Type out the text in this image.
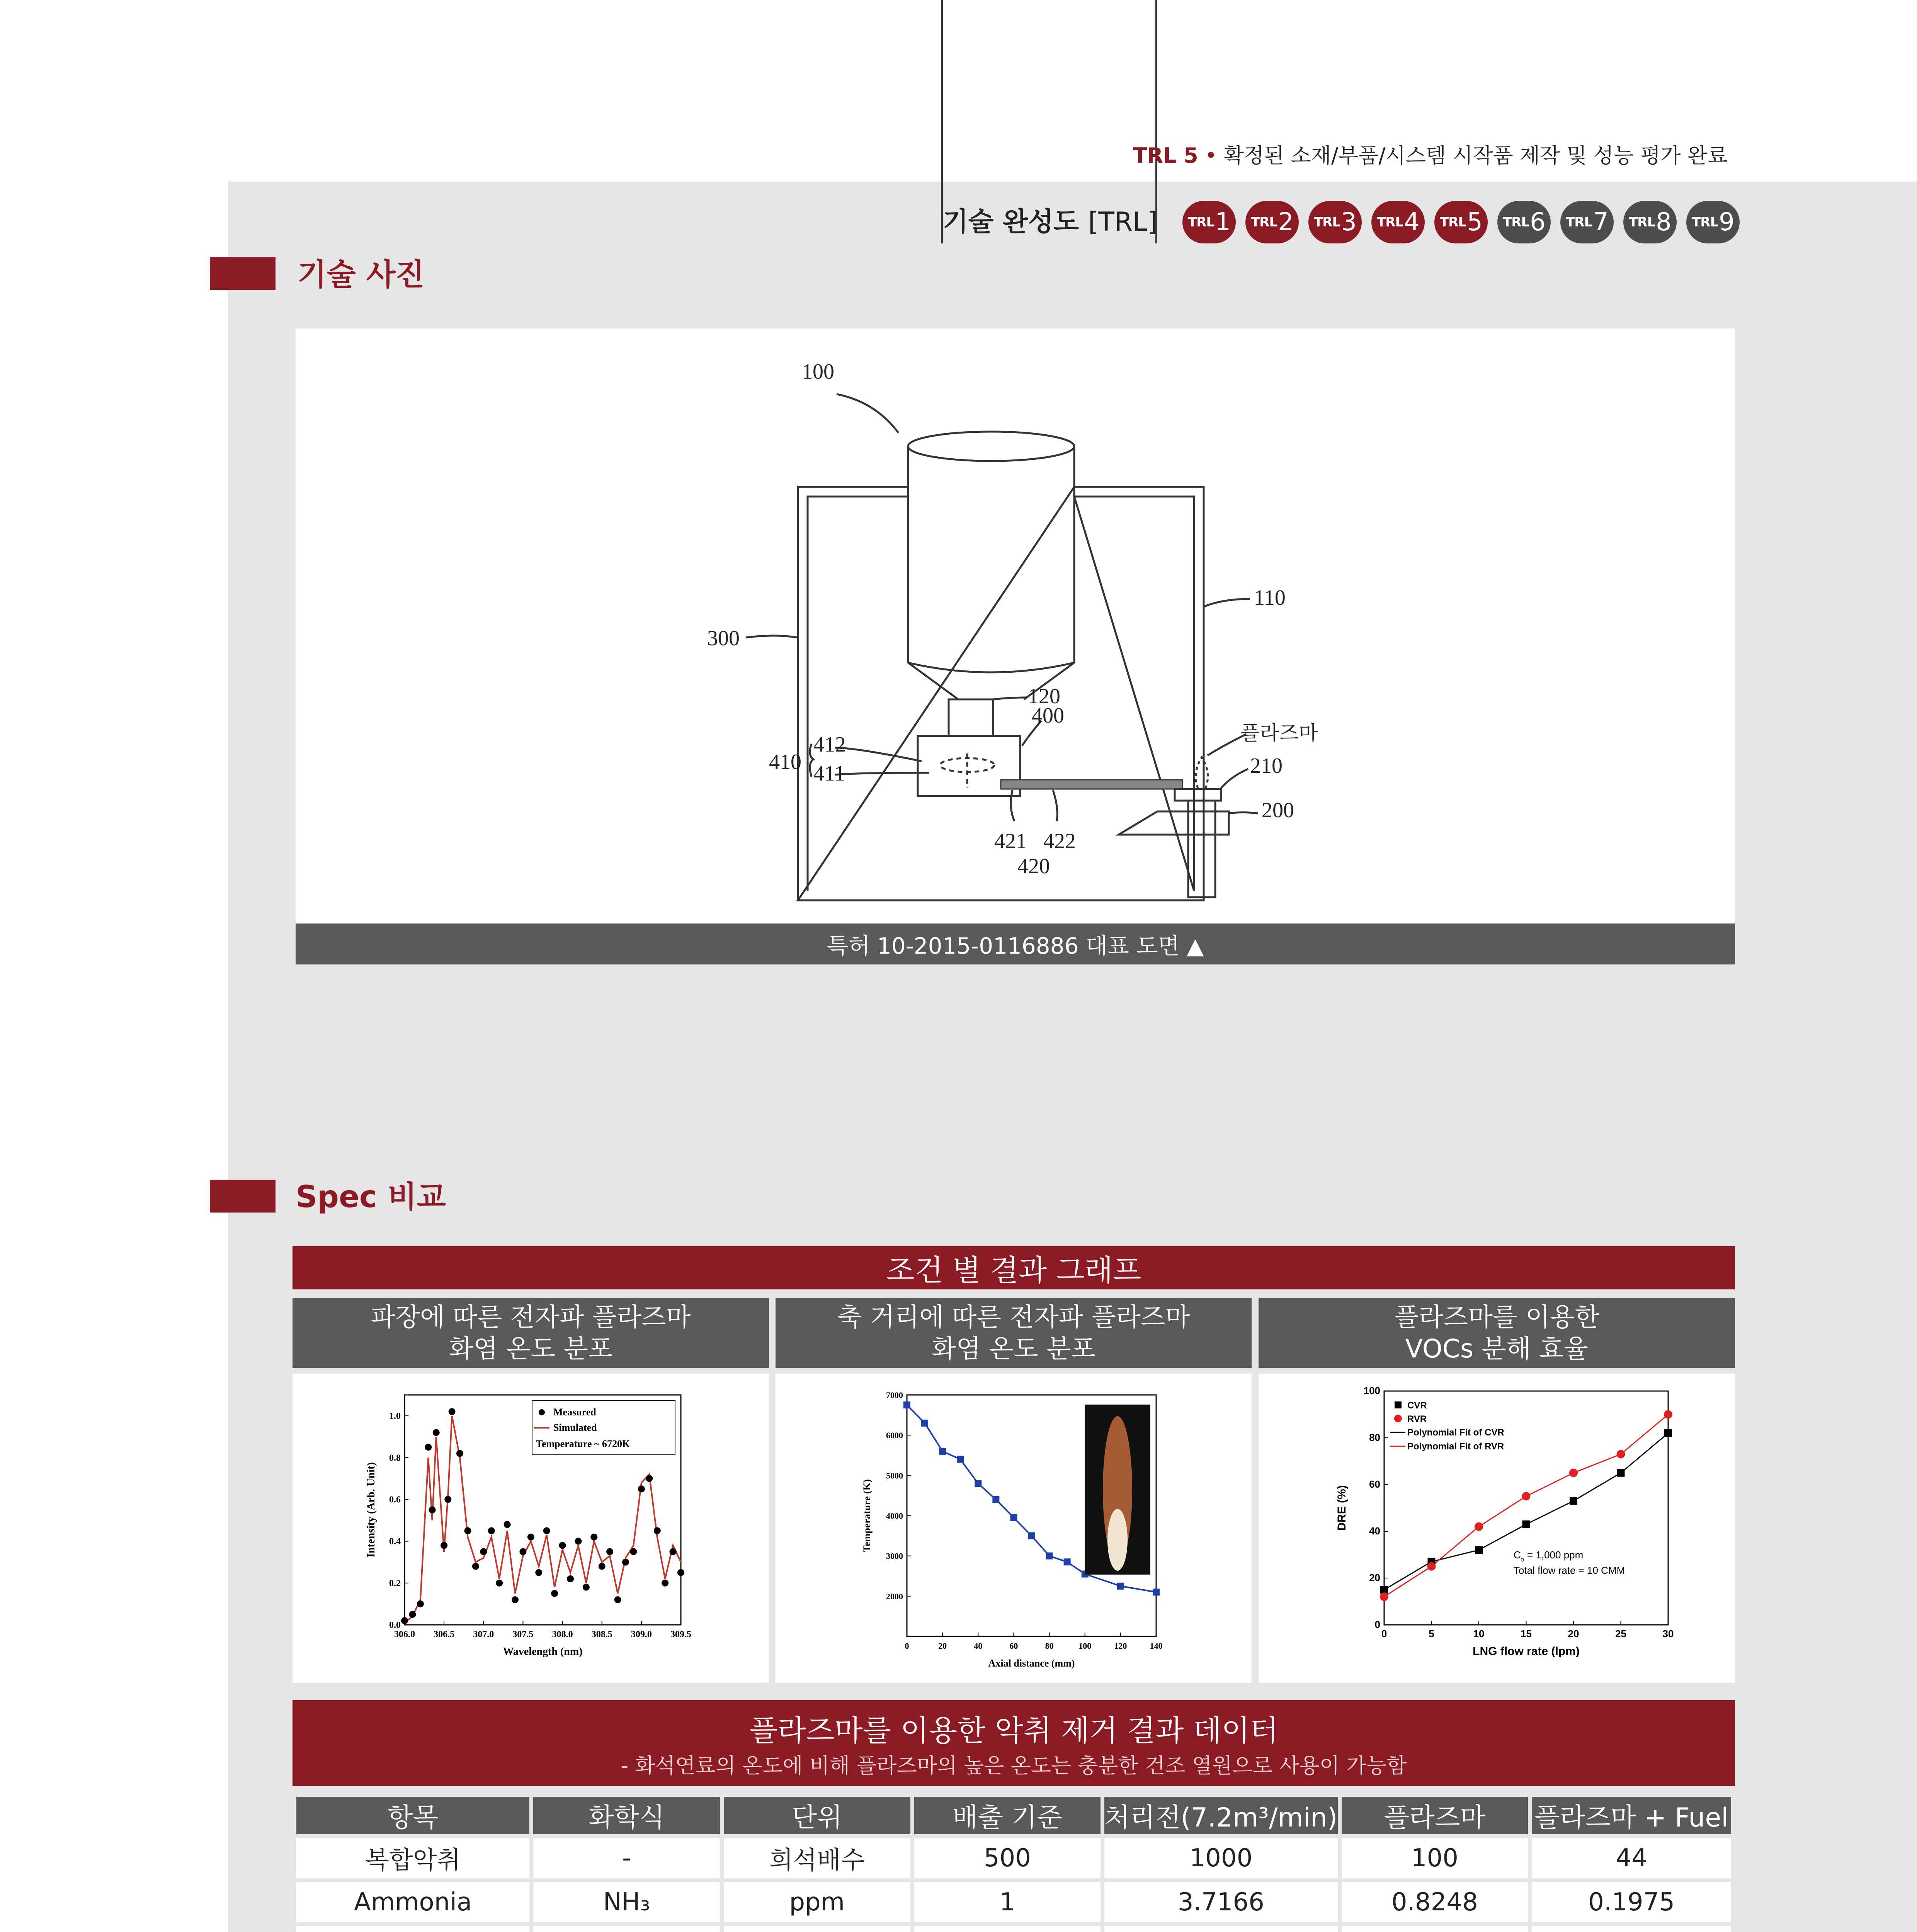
TRL 5 • 확정된 소재/부품/시스템 시작품 제작 및 성능 평가 완료
기술 완성도 [TRL] TRL 1 TRL 2 TRL 3 TRL 4 TRL 5 TRL 6 TRL 7 TRL 8 TRL 9
기술 사진
100
110
300
120
400
412
410 411
플라즈마
210
200
421 422
420
특허 10-2015-0116886 대표 도면 ▲
Spec 비교
조건 별 결과 그래프
파장에 따른 전자파 플라즈마
화염 온도 분포
축 거리에 따른 전자파 플라즈마
화염 온도 분포
플라즈마를 이용한
VOCs 분해 효율
306.0 306.5 307.0 307.5 308.0 308.5 309.0 309.5
0.0
0.2
0.4
0.6
0.8
1.0
Wavelength (nm)
Intensity (Arb. Unit)
Measured
Simulated
Temperature ~ 6720K
0	20	40	60	80	100	120	140
2000
3000
4000
5000
6000
7000
Axial distance (mm)
Temperature (K)
0	5	10	15	20	25	30
0
20
40
60
80
100
LNG flow rate (lpm)
DRE (%)
CVR
RVR
Polynomial Fit of CVR
Polynomial Fit of RVR
C o = 1,000 ppm
Total flow rate = 10 CMM
플라즈마를 이용한 악취 제거 결과 데이터
- 화석연료의 온도에 비해 플라즈마의 높은 온도는 충분한 건조 열원으로 사용이 가능함
항목	화학식	단위	배출 기준	처리전(7.2m³/min)	플라즈마	플라즈마 + Fuel
복합악취	-	희석배수	500	1000	100	44
Ammonia	NH₃	ppm	1	3.7166	0.8248	0.1975
